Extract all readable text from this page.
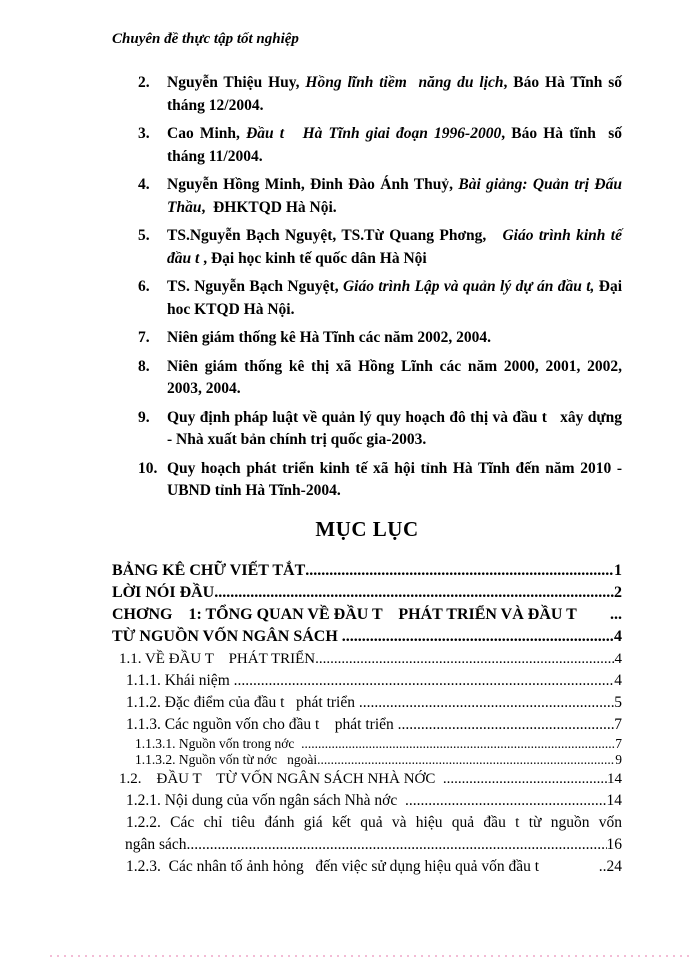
Chuyên đề thực tập tốt nghiệp
2. Nguyễn Thiệu Huy, Hồng lĩnh tiềm  năng du lịch, Báo Hà Tĩnh số tháng 12/2004.
3. Cao Minh, Đầu t   Hà Tĩnh giai đoạn 1996-2000, Báo Hà tĩnh  số tháng 11/2004.
4. Nguyễn Hồng Minh, Đinh Đào Ánh Thuỷ, Bài giảng: Quản trị Đấu Thầu,  ĐHKTQD Hà Nội.
5. TS.Nguyễn Bạch Nguyệt, TS.Từ Quang Phơng,   Giáo trình kinh tế đầu t , Đại học kinh tế quốc dân Hà Nội
6. TS. Nguyễn Bạch Nguyệt, Giáo trình Lập và quản lý dự án đầu t, Đại hoc KTQD Hà Nội.
7. Niên giám thống kê Hà Tĩnh các năm 2002, 2004.
8. Niên giám thống kê thị xã Hồng Lĩnh các năm 2000, 2001, 2002, 2003, 2004.
9. Quy định pháp luật về quản lý quy hoạch đô thị và đầu t   xây dựng - Nhà xuất bản chính trị quốc gia-2003.
10. Quy hoạch phát triển kinh tế xã hội tỉnh Hà Tĩnh đến năm 2010 - UBND tỉnh Hà Tĩnh-2004.
MỤC LỤC
BẢNG KÊ CHỮ VIẾT TẮT .....	1
LỜI NÓI ĐẦU .....	2
CHƠNG    1: TỔNG QUAN VỀ ĐẦU T    PHÁT TRIỂN VÀ ĐẦU T ...
TỪ NGUỒN VỐN NGÂN SÁCH .....	4
1.1. VỀ ĐẦU T    PHÁT TRIỂN .....	4
1.1.1. Khái niệm .....	4
1.1.2. Đặc điểm của đầu t   phát triển .....	5
1.1.3. Các nguồn vốn cho đầu t    phát triển .....	7
1.1.3.1. Nguồn vốn trong nớc .....	7
1.1.3.2. Nguồn vốn từ nớc   ngoài .....	9
1.2.    ĐẦU T    TỪ VỐN NGÂN SÁCH NHÀ NỚC .....	14
1.2.1. Nội dung của vốn ngân sách Nhà nớc .....	14
1.2.2. Các chỉ tiêu đánh giá kết quả và hiệu quả đầu t từ nguồn vốn
ngân sách .....	16
1.2.3.  Các nhân tố ảnh hỏng   đến việc sử dụng hiệu quả vốn đầu t	..24
